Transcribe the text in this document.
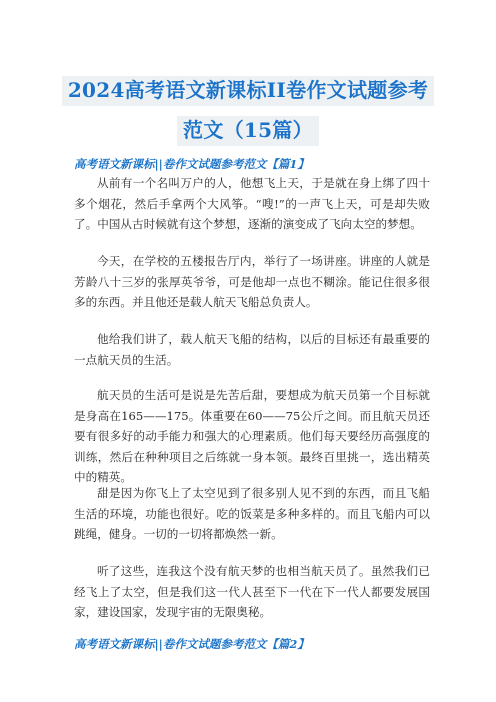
2024高考语文新课标II卷作文试题参考
范文（15篇）
高考语文新课标||卷作文试题参考范文【篇1】

从前有一个名叫万户的人，他想飞上天，于是就在身上绑了四十多个烟花，然后手拿两个大风筝。“嗖!”的一声飞上天，可是却失败了。中国从古时候就有这个梦想，逐渐的演变成了飞向太空的梦想。

今天，在学校的五楼报告厅内，举行了一场讲座。讲座的人就是芳龄八十三岁的张厚英爷爷，可是他却一点也不糊涂。能记住很多很多的东西。并且他还是载人航天飞船总负责人。

他给我们讲了，载人航天飞船的结构，以后的目标还有最重要的一点航天员的生活。

航天员的生活可是说是先苦后甜，要想成为航天员第一个目标就是身高在165——175。体重要在60——75公斤之间。而且航天员还要有很多好的动手能力和强大的心理素质。他们每天要经历高强度的训练，然后在种种项目之后练就一身本领。最终百里挑一，选出精英中的精英。

甜是因为你飞上了太空见到了很多别人见不到的东西，而且飞船生活的环境，功能也很好。吃的饭菜是多种多样的。而且飞船内可以跳绳，健身。一切的一切将都焕然一新。

听了这些，连我这个没有航天梦的也相当航天员了。虽然我们已经飞上了太空，但是我们这一代人甚至下一代在下一代人都要发展国家，建设国家，发现宇宙的无限奥秘。

高考语文新课标||卷作文试题参考范文【篇2】
